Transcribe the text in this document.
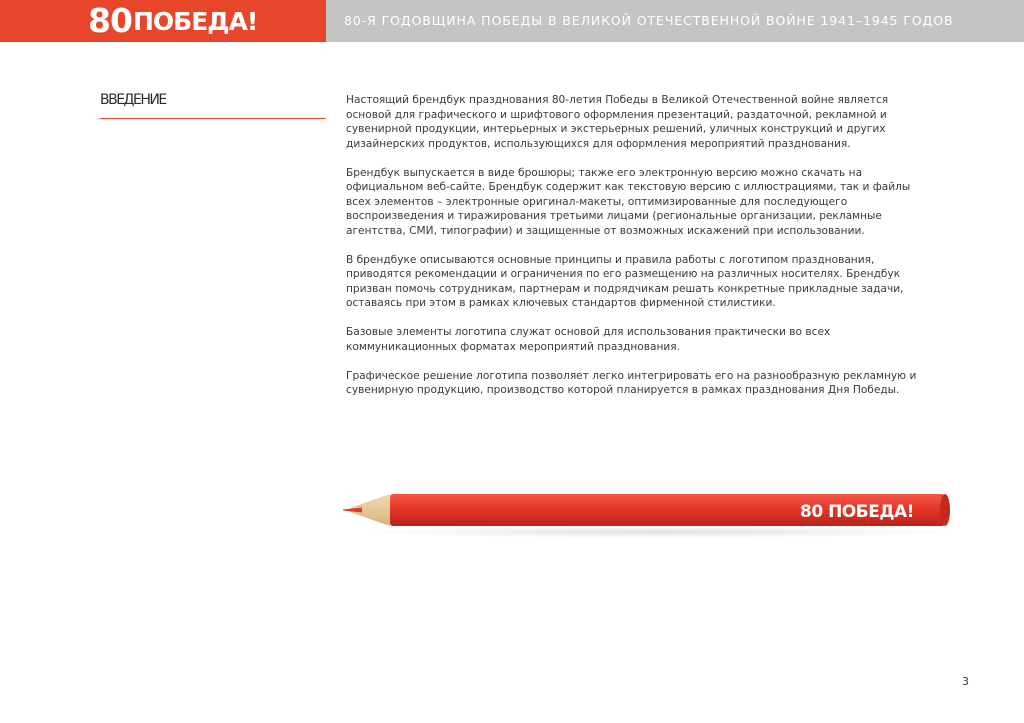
80 ПОБЕДА!	80-Я ГОДОВЩИНА ПОБЕДЫ В ВЕЛИКОЙ ОТЕЧЕСТВЕННОЙ ВОЙНЕ 1941–1945 ГОДОВ
ВВЕДЕНИЕ	Настоящий брендбук празднования 80-летия Победы в Великой Отечественной войне является основой для графического и шрифтового оформления презентаций, раздаточной, рекламной и сувенирной продукции, интерьерных и экстерьерных решений, уличных конструкций и других дизайнерских продуктов, использующихся для оформления мероприятий празднования.

Брендбук выпускается в виде брошюры; также его электронную версию можно скачать на официальном веб-сайте. Брендбук содержит как текстовую версию с иллюстрациями, так и файлы всех элементов – электронные оригинал-макеты, оптимизированные для последующего воспроизведения и тиражирования третьими лицами (региональные организации, рекламные агентства, СМИ, типографии) и защищенные от возможных искажений при использовании.

В брендбуке описываются основные принципы и правила работы с логотипом празднования, приводятся рекомендации и ограничения по его размещению на различных носителях. Брендбук призван помочь сотрудникам, партнерам и подрядчикам решать конкретные прикладные задачи, оставаясь при этом в рамках ключевых стандартов фирменной стилистики.

Базовые элементы логотипа служат основой для использования практически во всех коммуникационных форматах мероприятий празднования.

Графическое решение логотипа позволяет легко интегрировать его на разнообразную рекламную и сувенирную продукцию, производство которой планируется в рамках празднования Дня Победы.

80 ПОБЕДА!
3
